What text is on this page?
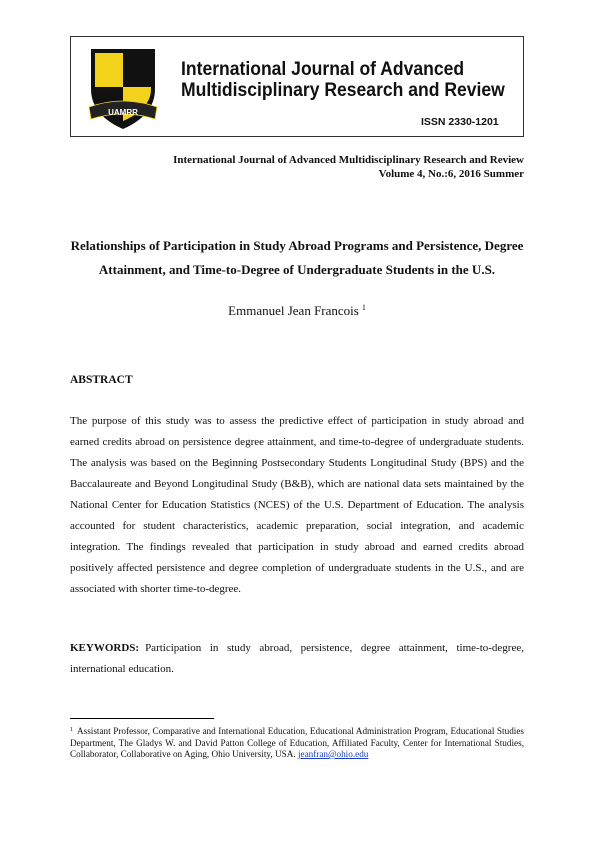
UAMRR
International Journal of Advanced
Multidisciplinary Research and Review
ISSN 2330-1201
International Journal of Advanced Multidisciplinary Research and Review
Volume 4, No.:6, 2016 Summer
Relationships of Participation in Study Abroad Programs and Persistence, Degree Attainment, and Time-to-Degree of Undergraduate Students in the U.S.
Emmanuel Jean Francois $^1$
ABSTRACT
The purpose of this study was to assess the predictive effect of participation in study abroad and earned credits abroad on persistence degree attainment, and time-to-degree of undergraduate students. The analysis was based on the Beginning Postsecondary Students Longitudinal Study (BPS) and the Baccalaureate and Beyond Longitudinal Study (B&B), which are national data sets maintained by the National Center for Education Statistics (NCES) of the U.S. Department of Education. The analysis accounted for student characteristics, academic preparation, social integration, and academic integration. The findings revealed that participation in study abroad and earned credits abroad positively affected persistence and degree completion of undergraduate students in the U.S., and are associated with shorter time-to-degree.
KEYWORDS: Participation in study abroad, persistence, degree attainment, time-to-degree, international education.
$^1$ Assistant Professor, Comparative and International Education, Educational Administration Program, Educational Studies Department, The Gladys W. and David Patton College of Education, Affiliated Faculty, Center for International Studies, Collaborator, Collaborative on Aging, Ohio University, USA. jeanfran@ohio.edu
